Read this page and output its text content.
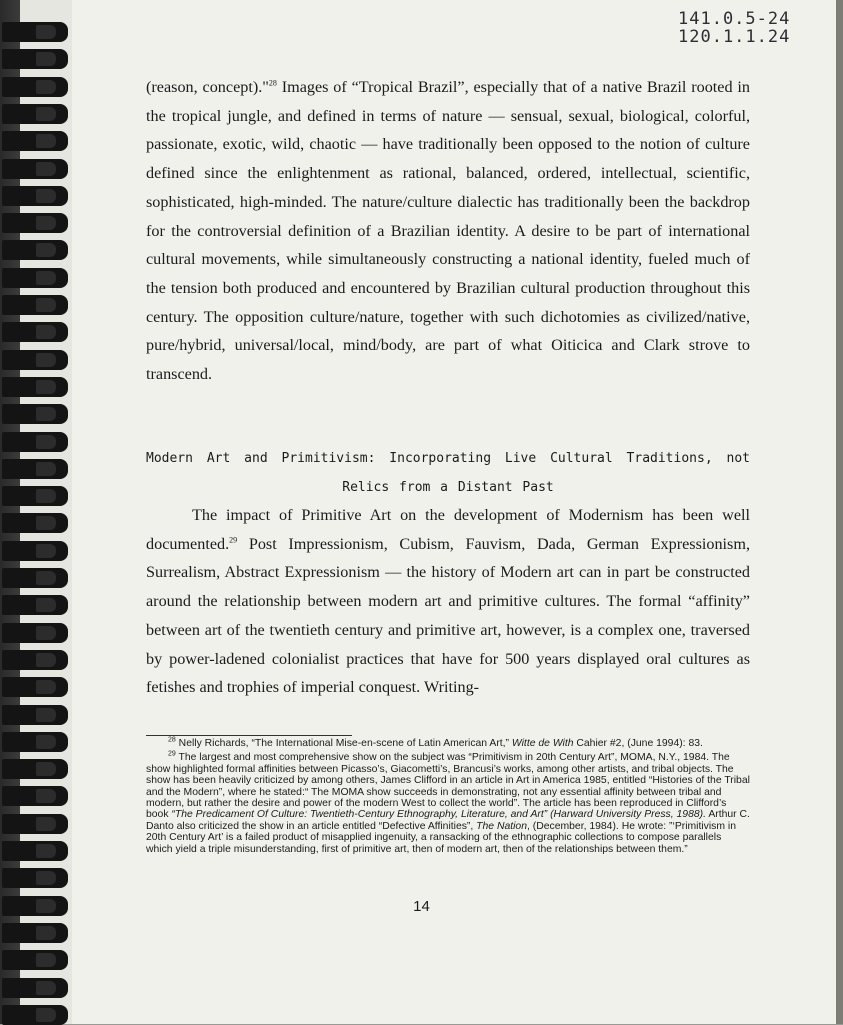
141.0.5-24
120.1.1.24

(reason, concept)."$^{28}$ Images of “Tropical Brazil”, especially that of a native Brazil rooted in the tropical jungle, and defined in terms of nature — sensual, sexual, biological, colorful, passionate, exotic, wild, chaotic — have traditionally been opposed to the notion of culture defined since the enlightenment as rational, balanced, ordered, intellectual, scientific, sophisticated, high-minded. The nature/culture dialectic has traditionally been the backdrop for the controversial definition of a Brazilian identity. A desire to be part of international cultural movements, while simultaneously constructing a national identity, fueled much of the tension both produced and encountered by Brazilian cultural production throughout this century. The opposition culture/nature, together with such dichotomies as civilized/native, pure/hybrid, universal/local, mind/body, are part of what Oiticica and Clark strove to transcend.

Modern Art and Primitivism: Incorporating Live Cultural Traditions, not
Relics from a Distant Past

The impact of Primitive Art on the development of Modernism has been well documented.$^{29}$ Post Impressionism, Cubism, Fauvism, Dada, German Expressionism, Surrealism, Abstract Expressionism — the history of Modern art can in part be constructed around the relationship between modern art and primitive cultures. The formal “affinity” between art of the twentieth century and primitive art, however, is a complex one, traversed by power-ladened colonialist practices that have for 500 years displayed oral cultures as fetishes and trophies of imperial conquest. Writing-

$^{28}$ Nelly Richards, “The International Mise-en-scene of Latin American Art,” Witte de With Cahier #2, (June 1994): 83.

$^{29}$ The largest and most comprehensive show on the subject was “Primitivism in 20th Century Art”, MOMA, N.Y., 1984. The show highlighted formal affinities between Picasso’s, Giacometti’s, Brancusi’s works, among other artists, and tribal objects. The show has been heavily criticized by among others, James Clifford in an article in Art in America 1985, entitled “Histories of the Tribal and the Modern”, where he stated:“ The MOMA show succeeds in demonstrating, not any essential affinity between tribal and modern, but rather the desire and power of the modern West to collect the world”. The article has been reproduced in Clifford’s book “The Predicament Of Culture: Twentieth-Century Ethnography, Literature, and Art” (Harward University Press, 1988). Arthur C. Danto also criticized the show in an article entitled “Defective Affinities”, The Nation, (December, 1984). He wrote: ”‘Primitivism in 20th Century Art’ is a failed product of misapplied ingenuity, a ransacking of the ethnographic collections to compose parallels which yield a triple misunderstanding, first of primitive art, then of modern art, then of the relationships between them.”

14
